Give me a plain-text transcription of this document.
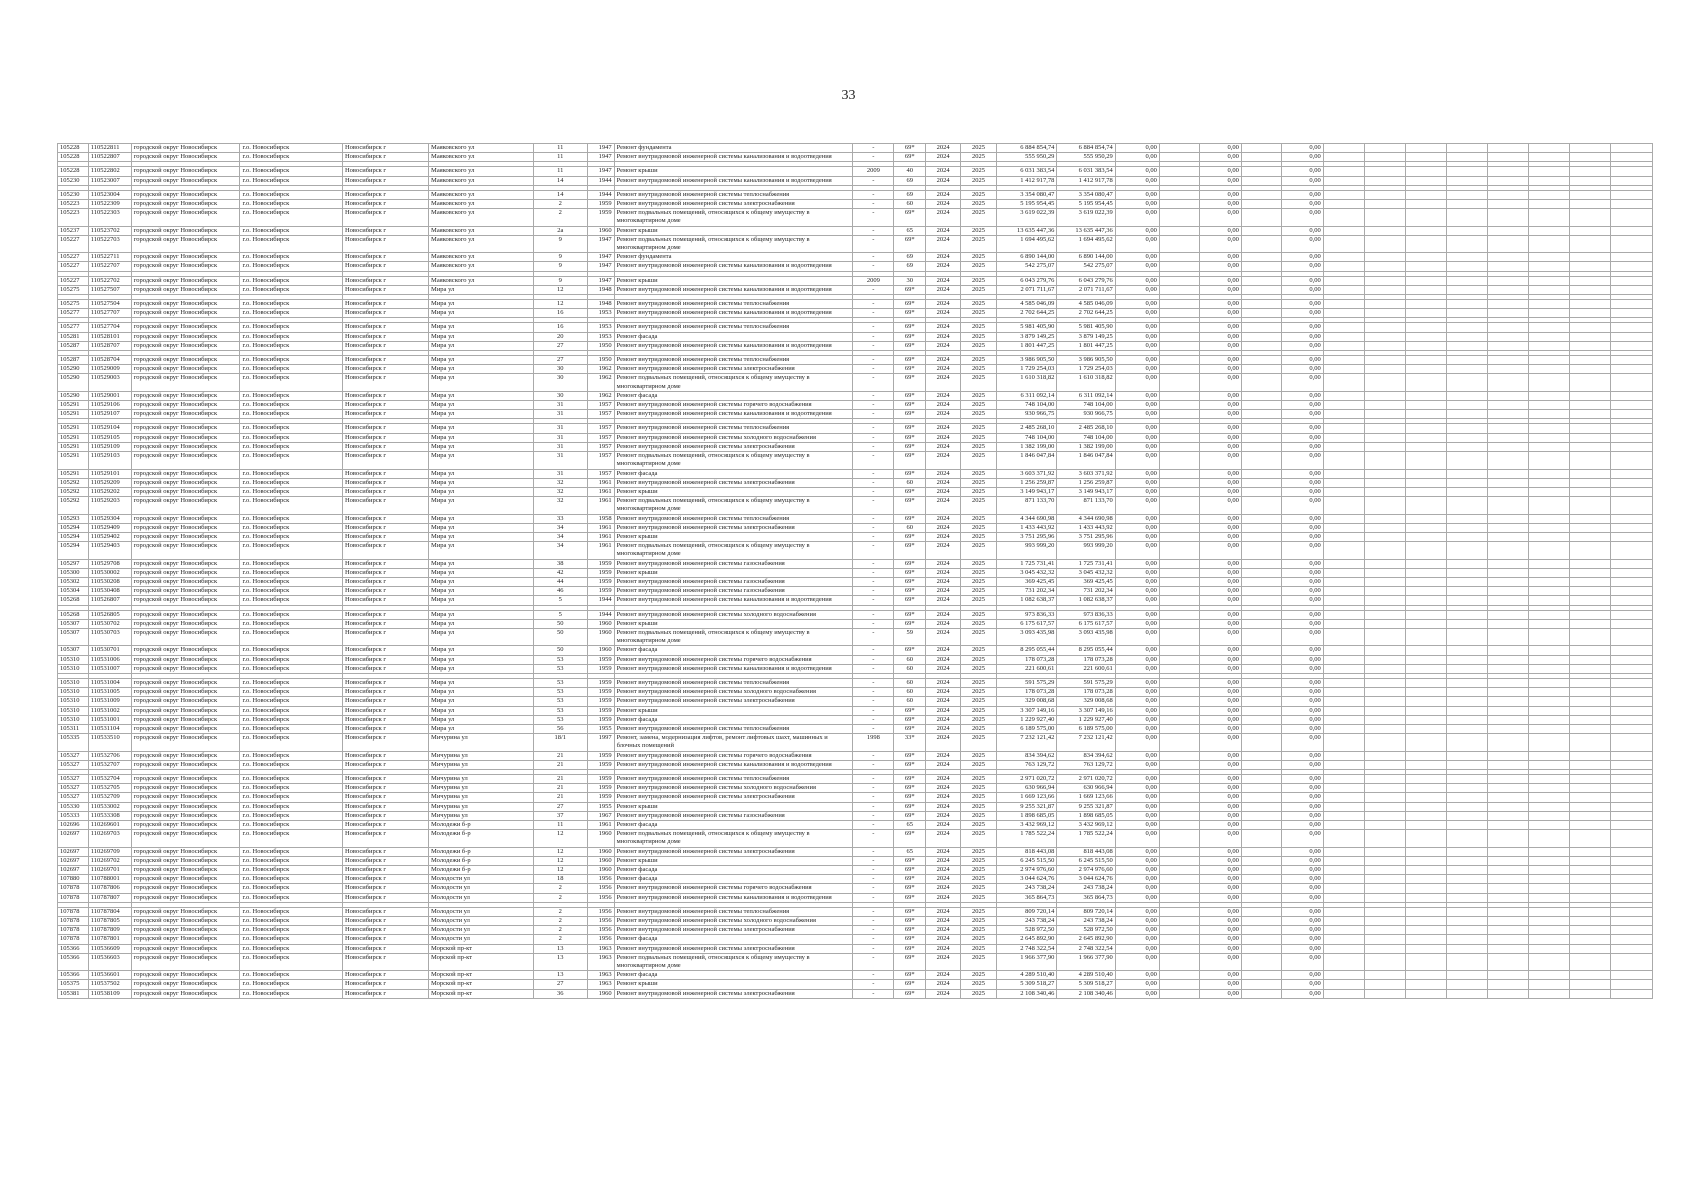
33
105228	110522811	городской округ Новосибирск	г.о. Новосибирск	Новосибирск г	Маяковского ул	11	1947	Ремонт фундамента	-	69*	2024	2025	6 884 854,74	6 884 854,74	0,00		0,00		0,00								
105228	110522807	городской округ Новосибирск	г.о. Новосибирск	Новосибирск г	Маяковского ул	11	1947	Ремонт внутридомовой инженерной системы канализования и водоотведения	-	69*	2024	2025	555 950,29	555 950,29	0,00		0,00		0,00								

105228	110522802	городской округ Новосибирск	г.о. Новосибирск	Новосибирск г	Маяковского ул	11	1947	Ремонт крыши	2009	40	2024	2025	6 031 383,54	6 031 383,54	0,00		0,00		0,00								
105230	110523007	городской округ Новосибирск	г.о. Новосибирск	Новосибирск г	Маяковского ул	14	1944	Ремонт внутридомовой инженерной системы канализования и водоотведения	-	69	2024	2025	1 412 917,78	1 412 917,78	0,00		0,00		0,00								

105230	110523004	городской округ Новосибирск	г.о. Новосибирск	Новосибирск г	Маяковского ул	14	1944	Ремонт внутридомовой инженерной системы теплоснабжения	-	69	2024	2025	3 354 080,47	3 354 080,47	0,00		0,00		0,00								
105223	110522309	городской округ Новосибирск	г.о. Новосибирск	Новосибирск г	Маяковского ул	2	1959	Ремонт внутридомовой инженерной системы электроснабжения	-	60	2024	2025	5 195 954,45	5 195 954,45	0,00		0,00		0,00								
105223	110522303	городской округ Новосибирск	г.о. Новосибирск	Новосибирск г	Маяковского ул	2	1959	Ремонт подвальных помещений, относящихся к общему имуществу в многоквартирном доме	-	69*	2024	2025	3 619 022,39	3 619 022,39	0,00		0,00		0,00								
105237	110523702	городской округ Новосибирск	г.о. Новосибирск	Новосибирск г	Маяковского ул	2а	1960	Ремонт крыши	-	65	2024	2025	13 635 447,36	13 635 447,36	0,00		0,00		0,00								
105227	110522703	городской округ Новосибирск	г.о. Новосибирск	Новосибирск г	Маяковского ул	9	1947	Ремонт подвальных помещений, относящихся к общему имуществу в многоквартирном доме	-	69*	2024	2025	1 694 495,62	1 694 495,62	0,00		0,00		0,00								
105227	110522711	городской округ Новосибирск	г.о. Новосибирск	Новосибирск г	Маяковского ул	9	1947	Ремонт фундамента	-	69	2024	2025	6 890 144,00	6 890 144,00	0,00		0,00		0,00								
105227	110522707	городской округ Новосибирск	г.о. Новосибирск	Новосибирск г	Маяковского ул	9	1947	Ремонт внутридомовой инженерной системы канализования и водоотведения	-	69	2024	2025	542 275,07	542 275,07	0,00		0,00		0,00								

105227	110522702	городской округ Новосибирск	г.о. Новосибирск	Новосибирск г	Маяковского ул	9	1947	Ремонт крыши	2009	30	2024	2025	6 043 279,76	6 043 279,76	0,00		0,00		0,00								
105275	110527507	городской округ Новосибирск	г.о. Новосибирск	Новосибирск г	Мира ул	12	1948	Ремонт внутридомовой инженерной системы канализования и водоотведения	-	69*	2024	2025	2 071 711,67	2 071 711,67	0,00		0,00		0,00								

105275	110527504	городской округ Новосибирск	г.о. Новосибирск	Новосибирск г	Мира ул	12	1948	Ремонт внутридомовой инженерной системы теплоснабжения	-	69*	2024	2025	4 585 046,09	4 585 046,09	0,00		0,00		0,00								
105277	110527707	городской округ Новосибирск	г.о. Новосибирск	Новосибирск г	Мира ул	16	1953	Ремонт внутридомовой инженерной системы канализования и водоотведения	-	69*	2024	2025	2 702 644,25	2 702 644,25	0,00		0,00		0,00								

105277	110527704	городской округ Новосибирск	г.о. Новосибирск	Новосибирск г	Мира ул	16	1953	Ремонт внутридомовой инженерной системы теплоснабжения	-	69*	2024	2025	5 981 405,90	5 981 405,90	0,00		0,00		0,00								
105281	110528101	городской округ Новосибирск	г.о. Новосибирск	Новосибирск г	Мира ул	20	1953	Ремонт фасада	-	69*	2024	2025	3 879 149,25	3 879 149,25	0,00		0,00		0,00								
105287	110528707	городской округ Новосибирск	г.о. Новосибирск	Новосибирск г	Мира ул	27	1950	Ремонт внутридомовой инженерной системы канализования и водоотведения	-	69*	2024	2025	1 801 447,25	1 801 447,25	0,00		0,00		0,00								

105287	110528704	городской округ Новосибирск	г.о. Новосибирск	Новосибирск г	Мира ул	27	1950	Ремонт внутридомовой инженерной системы теплоснабжения	-	69*	2024	2025	3 986 905,50	3 986 905,50	0,00		0,00		0,00								
105290	110529009	городской округ Новосибирск	г.о. Новосибирск	Новосибирск г	Мира ул	30	1962	Ремонт внутридомовой инженерной системы электроснабжения	-	69*	2024	2025	1 729 254,03	1 729 254,03	0,00		0,00		0,00								
105290	110529003	городской округ Новосибирск	г.о. Новосибирск	Новосибирск г	Мира ул	30	1962	Ремонт подвальных помещений, относящихся к общему имуществу в многоквартирном доме	-	69*	2024	2025	1 610 318,82	1 610 318,82	0,00		0,00		0,00								
105290	110529001	городской округ Новосибирск	г.о. Новосибирск	Новосибирск г	Мира ул	30	1962	Ремонт фасада	-	69*	2024	2025	6 311 092,14	6 311 092,14	0,00		0,00		0,00								
105291	110529106	городской округ Новосибирск	г.о. Новосибирск	Новосибирск г	Мира ул	31	1957	Ремонт внутридомовой инженерной системы горячего водоснабжения	-	69*	2024	2025	748 104,00	748 104,00	0,00		0,00		0,00								
105291	110529107	городской округ Новосибирск	г.о. Новосибирск	Новосибирск г	Мира ул	31	1957	Ремонт внутридомовой инженерной системы канализования и водоотведения	-	69*	2024	2025	930 966,75	930 966,75	0,00		0,00		0,00								

105291	110529104	городской округ Новосибирск	г.о. Новосибирск	Новосибирск г	Мира ул	31	1957	Ремонт внутридомовой инженерной системы теплоснабжения	-	69*	2024	2025	2 485 268,10	2 485 268,10	0,00		0,00		0,00								
105291	110529105	городской округ Новосибирск	г.о. Новосибирск	Новосибирск г	Мира ул	31	1957	Ремонт внутридомовой инженерной системы холодного водоснабжения	-	69*	2024	2025	748 104,00	748 104,00	0,00		0,00		0,00								
105291	110529109	городской округ Новосибирск	г.о. Новосибирск	Новосибирск г	Мира ул	31	1957	Ремонт внутридомовой инженерной системы электроснабжения	-	69*	2024	2025	1 382 199,00	1 382 199,00	0,00		0,00		0,00								
105291	110529103	городской округ Новосибирск	г.о. Новосибирск	Новосибирск г	Мира ул	31	1957	Ремонт подвальных помещений, относящихся к общему имуществу в многоквартирном доме	-	69*	2024	2025	1 846 047,84	1 846 047,84	0,00		0,00		0,00								
105291	110529101	городской округ Новосибирск	г.о. Новосибирск	Новосибирск г	Мира ул	31	1957	Ремонт фасада	-	69*	2024	2025	3 603 371,92	3 603 371,92	0,00		0,00		0,00								
105292	110529209	городской округ Новосибирск	г.о. Новосибирск	Новосибирск г	Мира ул	32	1961	Ремонт внутридомовой инженерной системы электроснабжения	-	60	2024	2025	1 256 259,87	1 256 259,87	0,00		0,00		0,00								
105292	110529202	городской округ Новосибирск	г.о. Новосибирск	Новосибирск г	Мира ул	32	1961	Ремонт крыши	-	69*	2024	2025	3 149 943,17	3 149 943,17	0,00		0,00		0,00								
105292	110529203	городской округ Новосибирск	г.о. Новосибирск	Новосибирск г	Мира ул	32	1961	Ремонт подвальных помещений, относящихся к общему имуществу в многоквартирном доме	-	69*	2024	2025	871 133,70	871 133,70	0,00		0,00		0,00								
105293	110529304	городской округ Новосибирск	г.о. Новосибирск	Новосибирск г	Мира ул	33	1958	Ремонт внутридомовой инженерной системы теплоснабжения	-	69*	2024	2025	4 344 690,98	4 344 690,98	0,00		0,00		0,00								
105294	110529409	городской округ Новосибирск	г.о. Новосибирск	Новосибирск г	Мира ул	34	1961	Ремонт внутридомовой инженерной системы электроснабжения	-	60	2024	2025	1 433 443,92	1 433 443,92	0,00		0,00		0,00								
105294	110529402	городской округ Новосибирск	г.о. Новосибирск	Новосибирск г	Мира ул	34	1961	Ремонт крыши	-	69*	2024	2025	3 751 295,96	3 751 295,96	0,00		0,00		0,00								
105294	110529403	городской округ Новосибирск	г.о. Новосибирск	Новосибирск г	Мира ул	34	1961	Ремонт подвальных помещений, относящихся к общему имуществу в многоквартирном доме	-	69*	2024	2025	993 999,20	993 999,20	0,00		0,00		0,00								
105297	110529708	городской округ Новосибирск	г.о. Новосибирск	Новосибирск г	Мира ул	38	1959	Ремонт внутридомовой инженерной системы газоснабжения	-	69*	2024	2025	1 725 731,41	1 725 731,41	0,00		0,00		0,00								
105300	110530002	городской округ Новосибирск	г.о. Новосибирск	Новосибирск г	Мира ул	42	1959	Ремонт крыши	-	69*	2024	2025	3 045 432,32	3 045 432,32	0,00		0,00		0,00								
105302	110530208	городской округ Новосибирск	г.о. Новосибирск	Новосибирск г	Мира ул	44	1959	Ремонт внутридомовой инженерной системы газоснабжения	-	69*	2024	2025	369 425,45	369 425,45	0,00		0,00		0,00								
105304	110530408	городской округ Новосибирск	г.о. Новосибирск	Новосибирск г	Мира ул	46	1959	Ремонт внутридомовой инженерной системы газоснабжения	-	69*	2024	2025	731 202,34	731 202,34	0,00		0,00		0,00								
105268	110526807	городской округ Новосибирск	г.о. Новосибирск	Новосибирск г	Мира ул	5	1944	Ремонт внутридомовой инженерной системы канализования и водоотведения	-	69*	2024	2025	1 082 638,37	1 082 638,37	0,00		0,00		0,00								

105268	110526805	городской округ Новосибирск	г.о. Новосибирск	Новосибирск г	Мира ул	5	1944	Ремонт внутридомовой инженерной системы холодного водоснабжения	-	69*	2024	2025	973 836,33	973 836,33	0,00		0,00		0,00								
105307	110530702	городской округ Новосибирск	г.о. Новосибирск	Новосибирск г	Мира ул	50	1960	Ремонт крыши	-	69*	2024	2025	6 175 617,57	6 175 617,57	0,00		0,00		0,00								
105307	110530703	городской округ Новосибирск	г.о. Новосибирск	Новосибирск г	Мира ул	50	1960	Ремонт подвальных помещений, относящихся к общему имуществу в многоквартирном доме	-	59	2024	2025	3 093 435,98	3 093 435,98	0,00		0,00		0,00								
105307	110530701	городской округ Новосибирск	г.о. Новосибирск	Новосибирск г	Мира ул	50	1960	Ремонт фасада	-	69*	2024	2025	8 295 055,44	8 295 055,44	0,00		0,00		0,00								
105310	110531006	городской округ Новосибирск	г.о. Новосибирск	Новосибирск г	Мира ул	53	1959	Ремонт внутридомовой инженерной системы горячего водоснабжения	-	60	2024	2025	178 073,28	178 073,28	0,00		0,00		0,00								
105310	110531007	городской округ Новосибирск	г.о. Новосибирск	Новосибирск г	Мира ул	53	1959	Ремонт внутридомовой инженерной системы канализования и водоотведения	-	60	2024	2025	221 600,61	221 600,61	0,00		0,00		0,00								

105310	110531004	городской округ Новосибирск	г.о. Новосибирск	Новосибирск г	Мира ул	53	1959	Ремонт внутридомовой инженерной системы теплоснабжения	-	60	2024	2025	591 575,29	591 575,29	0,00		0,00		0,00								
105310	110531005	городской округ Новосибирск	г.о. Новосибирск	Новосибирск г	Мира ул	53	1959	Ремонт внутридомовой инженерной системы холодного водоснабжения	-	60	2024	2025	178 073,28	178 073,28	0,00		0,00		0,00								
105310	110531009	городской округ Новосибирск	г.о. Новосибирск	Новосибирск г	Мира ул	53	1959	Ремонт внутридомовой инженерной системы электроснабжения	-	60	2024	2025	329 008,68	329 008,68	0,00		0,00		0,00								
105310	110531002	городской округ Новосибирск	г.о. Новосибирск	Новосибирск г	Мира ул	53	1959	Ремонт крыши	-	69*	2024	2025	3 307 149,16	3 307 149,16	0,00		0,00		0,00								
105310	110531001	городской округ Новосибирск	г.о. Новосибирск	Новосибирск г	Мира ул	53	1959	Ремонт фасада	-	69*	2024	2025	1 229 927,40	1 229 927,40	0,00		0,00		0,00								
105311	110531104	городской округ Новосибирск	г.о. Новосибирск	Новосибирск г	Мира ул	56	1955	Ремонт внутридомовой инженерной системы теплоснабжения	-	69*	2024	2025	6 189 575,00	6 189 575,00	0,00		0,00		0,00								
105335	110533510	городской округ Новосибирск	г.о. Новосибирск	Новосибирск г	Мичурина ул	18/1	1997	Ремонт, замена, модернизация лифтов, ремонт лифтовых шахт, машинных и блочных помещений	1998	33*	2024	2025	7 232 121,42	7 232 121,42	0,00		0,00		0,00								
105327	110532706	городской округ Новосибирск	г.о. Новосибирск	Новосибирск г	Мичурина ул	21	1959	Ремонт внутридомовой инженерной системы горячего водоснабжения	-	69*	2024	2025	834 394,62	834 394,62	0,00		0,00		0,00								
105327	110532707	городской округ Новосибирск	г.о. Новосибирск	Новосибирск г	Мичурина ул	21	1959	Ремонт внутридомовой инженерной системы канализования и водоотведения	-	69*	2024	2025	763 129,72	763 129,72	0,00		0,00		0,00								

105327	110532704	городской округ Новосибирск	г.о. Новосибирск	Новосибирск г	Мичурина ул	21	1959	Ремонт внутридомовой инженерной системы теплоснабжения	-	69*	2024	2025	2 971 020,72	2 971 020,72	0,00		0,00		0,00								
105327	110532705	городской округ Новосибирск	г.о. Новосибирск	Новосибирск г	Мичурина ул	21	1959	Ремонт внутридомовой инженерной системы холодного водоснабжения	-	69*	2024	2025	630 966,94	630 966,94	0,00		0,00		0,00								
105327	110532709	городской округ Новосибирск	г.о. Новосибирск	Новосибирск г	Мичурина ул	21	1959	Ремонт внутридомовой инженерной системы электроснабжения	-	69*	2024	2025	1 669 123,66	1 669 123,66	0,00		0,00		0,00								
105330	110533002	городской округ Новосибирск	г.о. Новосибирск	Новосибирск г	Мичурина ул	27	1955	Ремонт крыши	-	69*	2024	2025	9 255 321,87	9 255 321,87	0,00		0,00		0,00								
105333	110533308	городской округ Новосибирск	г.о. Новосибирск	Новосибирск г	Мичурина ул	37	1967	Ремонт внутридомовой инженерной системы газоснабжения	-	69*	2024	2025	1 898 685,05	1 898 685,05	0,00		0,00		0,00								
102696	110269601	городской округ Новосибирск	г.о. Новосибирск	Новосибирск г	Молодежи б-р	11	1961	Ремонт фасада	-	65	2024	2025	3 432 969,12	3 432 969,12	0,00		0,00		0,00								
102697	110269703	городской округ Новосибирск	г.о. Новосибирск	Новосибирск г	Молодежи б-р	12	1960	Ремонт подвальных помещений, относящихся к общему имуществу в многоквартирном доме	-	69*	2024	2025	1 785 522,24	1 785 522,24	0,00		0,00		0,00								
102697	110269709	городской округ Новосибирск	г.о. Новосибирск	Новосибирск г	Молодежи б-р	12	1960	Ремонт внутридомовой инженерной системы электроснабжения	-	65	2024	2025	818 443,08	818 443,08	0,00		0,00		0,00								
102697	110269702	городской округ Новосибирск	г.о. Новосибирск	Новосибирск г	Молодежи б-р	12	1960	Ремонт крыши	-	69*	2024	2025	6 245 515,50	6 245 515,50	0,00		0,00		0,00								
102697	110269701	городской округ Новосибирск	г.о. Новосибирск	Новосибирск г	Молодежи б-р	12	1960	Ремонт фасада	-	69*	2024	2025	2 974 976,60	2 974 976,60	0,00		0,00		0,00								
107880	110788001	городской округ Новосибирск	г.о. Новосибирск	Новосибирск г	Молодости ул	18	1956	Ремонт фасада	-	69*	2024	2025	3 044 624,76	3 044 624,76	0,00		0,00		0,00								
107878	110787806	городской округ Новосибирск	г.о. Новосибирск	Новосибирск г	Молодости ул	2	1956	Ремонт внутридомовой инженерной системы горячего водоснабжения	-	69*	2024	2025	243 738,24	243 738,24	0,00		0,00		0,00								
107878	110787807	городской округ Новосибирск	г.о. Новосибирск	Новосибирск г	Молодости ул	2	1956	Ремонт внутридомовой инженерной системы канализования и водоотведения	-	69*	2024	2025	365 864,73	365 864,73	0,00		0,00		0,00								

107878	110787804	городской округ Новосибирск	г.о. Новосибирск	Новосибирск г	Молодости ул	2	1956	Ремонт внутридомовой инженерной системы теплоснабжения	-	69*	2024	2025	809 720,14	809 720,14	0,00		0,00		0,00								
107878	110787805	городской округ Новосибирск	г.о. Новосибирск	Новосибирск г	Молодости ул	2	1956	Ремонт внутридомовой инженерной системы холодного водоснабжения	-	69*	2024	2025	243 738,24	243 738,24	0,00		0,00		0,00								
107878	110787809	городской округ Новосибирск	г.о. Новосибирск	Новосибирск г	Молодости ул	2	1956	Ремонт внутридомовой инженерной системы электроснабжения	-	69*	2024	2025	528 972,50	528 972,50	0,00		0,00		0,00								
107878	110787801	городской округ Новосибирск	г.о. Новосибирск	Новосибирск г	Молодости ул	2	1956	Ремонт фасада	-	69*	2024	2025	2 645 892,90	2 645 892,90	0,00		0,00		0,00								
105366	110536609	городской округ Новосибирск	г.о. Новосибирск	Новосибирск г	Морской пр-кт	13	1963	Ремонт внутридомовой инженерной системы электроснабжения	-	69*	2024	2025	2 748 322,54	2 748 322,54	0,00		0,00		0,00								
105366	110536603	городской округ Новосибирск	г.о. Новосибирск	Новосибирск г	Морской пр-кт	13	1963	Ремонт подвальных помещений, относящихся к общему имуществу в многоквартирном доме	-	69*	2024	2025	1 966 377,90	1 966 377,90	0,00		0,00		0,00								
105366	110536601	городской округ Новосибирск	г.о. Новосибирск	Новосибирск г	Морской пр-кт	13	1963	Ремонт фасада	-	69*	2024	2025	4 289 510,40	4 289 510,40	0,00		0,00		0,00								
105375	110537502	городской округ Новосибирск	г.о. Новосибирск	Новосибирск г	Морской пр-кт	27	1963	Ремонт крыши	-	69*	2024	2025	5 309 518,27	5 309 518,27	0,00		0,00		0,00								
105381	110538109	городской округ Новосибирск	г.о. Новосибирск	Новосибирск г	Морской пр-кт	36	1960	Ремонт внутридомовой инженерной системы электроснабжения	-	69*	2024	2025	2 108 340,46	2 108 340,46	0,00		0,00		0,00								
